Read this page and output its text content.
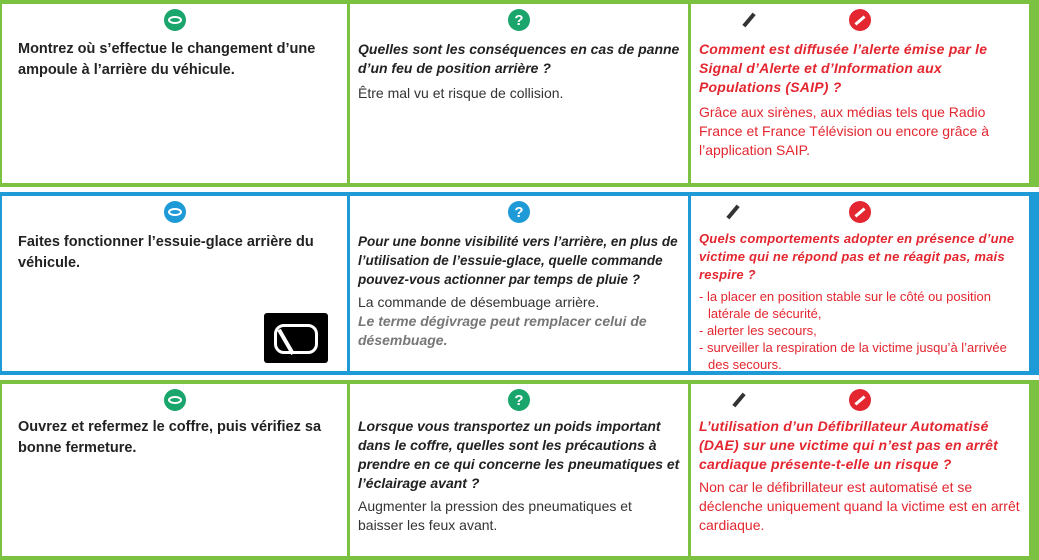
Montrez où s’effectue le changement d’une ampoule à l’arrière du véhicule.

?

Quelles sont les conséquences en cas de panne d’un feu de position arrière ?

Être mal vu et risque de collision.

Comment est diffusée l’alerte émise par le Signal d’Alerte et d’Information aux Populations (SAIP) ?

Grâce aux sirènes, aux médias tels que Radio France et France Télévision ou encore grâce à l’application SAIP.

Faites fonctionner l’essuie-glace arrière du véhicule.

?

Pour une bonne visibilité vers l’arrière, en plus de l’utilisation de l’essuie-glace, quelle commande pouvez-vous actionner par temps de pluie ?

La commande de désembuage arrière.

Le terme dégivrage peut remplacer celui de désembuage.

Quels comportements adopter en présence d’une victime qui ne répond pas et ne réagit pas, mais respire ?

- la placer en position stable sur le côté ou position latérale de sécurité,
- alerter les secours,
- surveiller la respiration de la victime jusqu’à l’arrivée des secours.

Ouvrez et refermez le coffre, puis vérifiez sa bonne fermeture.

?

Lorsque vous transportez un poids important dans le coffre, quelles sont les précautions à prendre en ce qui concerne les pneumatiques et l’éclairage avant ?

Augmenter la pression des pneumatiques et baisser les feux avant.

L’utilisation d’un Défibrillateur Automatisé (DAE) sur une victime qui n’est pas en arrêt cardiaque présente-t-elle un risque ?

Non car le défibrillateur est automatisé et se déclenche uniquement quand la victime est en arrêt cardiaque.
